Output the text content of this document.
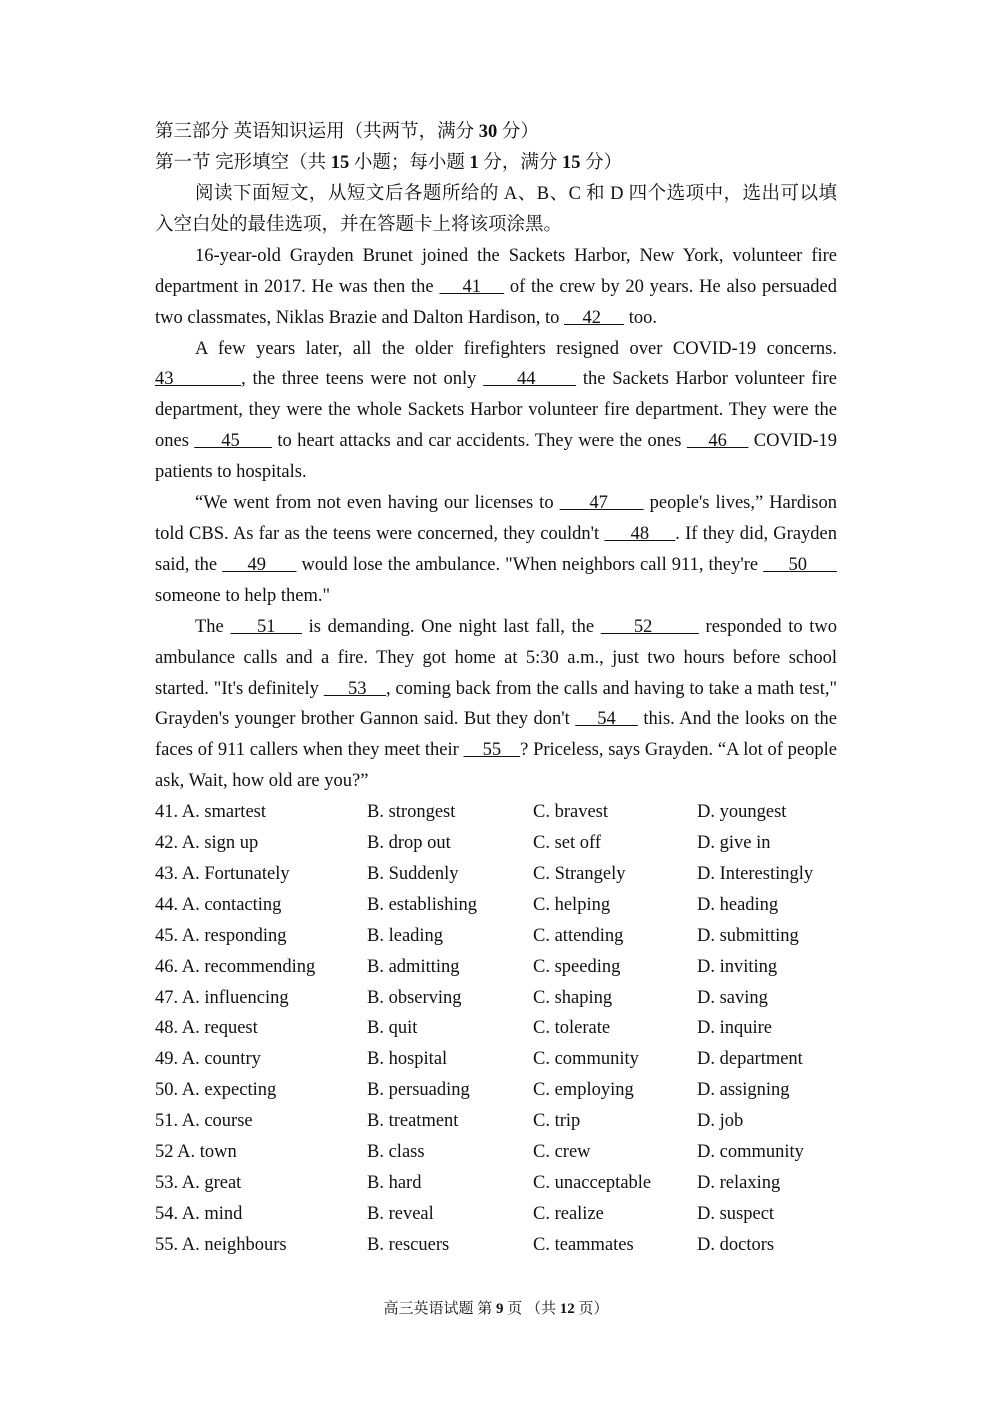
第三部分 英语知识运用（共两节，满分 30 分）
第一节 完形填空（共 15 小题；每小题 1 分，满分 15 分）

阅读下面短文，从短文后各题所给的 A、B、C 和 D 四个选项中，选出可以填入空白处的最佳选项，并在答题卡上将该项涂黑。

16-year-old Grayden Brunet joined the Sackets Harbor, New York, volunteer fire department in 2017. He was then the     41     of the crew by 20 years. He also persuaded two classmates, Niklas Brazie and Dalton Hardison, to     42      too.

A few years later, all the older firefighters resigned over COVID-19 concerns. 43          , the three teens were not only      44       the Sackets Harbor volunteer fire department, they were the whole Sackets Harbor volunteer fire department. They were the ones      45       to heart attacks and car accidents. They were the ones     46     COVID-19 patients to hospitals.

“We went from not even having our licenses to      47       people's lives,” Hardison told CBS. As far as the teens were concerned, they couldn't      48     . If they did, Grayden said, the      49       would lose the ambulance. "When neighbors call 911, they're      50       someone to help them."

The     51     is demanding. One night last fall, the      52        responded to two ambulance calls and a fire. They got home at 5:30 a.m., just two hours before school started. "It's definitely      53    , coming back from the calls and having to take a math test," Grayden's younger brother Gannon said. But they don't     54     this. And the looks on the faces of 911 callers when they meet their     55    ? Priceless, says Grayden. “A lot of people ask, Wait, how old are you?”

41. A. smartest	B. strongest	C. bravest	D. youngest
42. A. sign up	B. drop out	C. set off	D. give in
43. A. Fortunately	B. Suddenly	C. Strangely	D. Interestingly
44. A. contacting	B. establishing	C. helping	D. heading
45. A. responding	B. leading	C. attending	D. submitting
46. A. recommending	B. admitting	C. speeding	D. inviting
47. A. influencing	B. observing	C. shaping	D. saving
48. A. request	B. quit	C. tolerate	D. inquire
49. A. country	B. hospital	C. community	D. department
50. A. expecting	B. persuading	C. employing	D. assigning
51. A. course	B. treatment	C. trip	D. job
52 A. town	B. class	C. crew	D. community
53. A. great	B. hard	C. unacceptable	D. relaxing
54. A. mind	B. reveal	C. realize	D. suspect
55. A. neighbours	B. rescuers	C. teammates	D. doctors
高三英语试题 第 9 页 （共 12 页）
